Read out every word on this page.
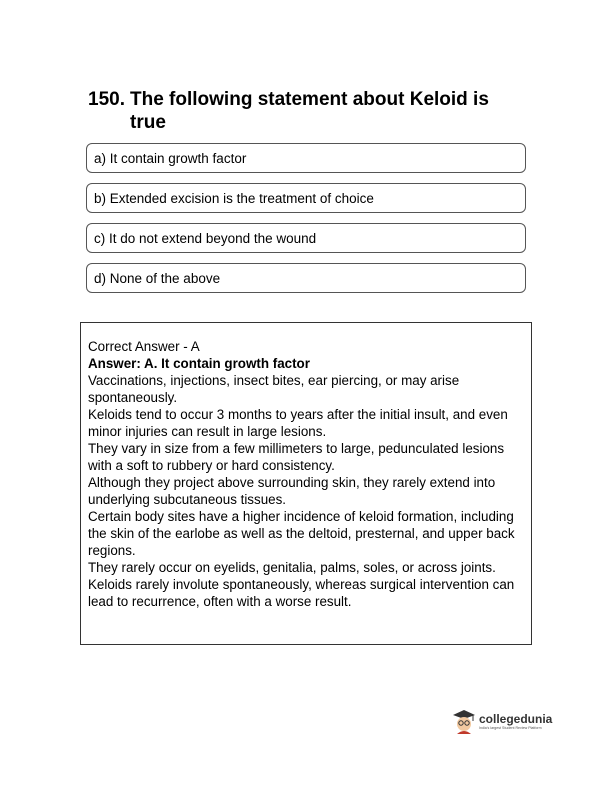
150. The following statement about Keloid is true
a) It contain growth factor
b) Extended excision is the treatment of choice
c) It do not extend beyond the wound
d) None of the above
Correct Answer - A
Answer: A. It contain growth factor
Vaccinations, injections, insect bites, ear piercing, or may arise spontaneously.
Keloids tend to occur 3 months to years after the initial insult, and even minor injuries can result in large lesions.
They vary in size from a few millimeters to large, pedunculated lesions with a soft to rubbery or hard consistency.
Although they project above surrounding skin, they rarely extend into underlying subcutaneous tissues.
Certain body sites have a higher incidence of keloid formation, including the skin of the earlobe as well as the deltoid, presternal, and upper back regions.
They rarely occur on eyelids, genitalia, palms, soles, or across joints.
Keloids rarely involute spontaneously, whereas surgical intervention can lead to recurrence, often with a worse result.
collegedunia
India's largest Student Review Platform
